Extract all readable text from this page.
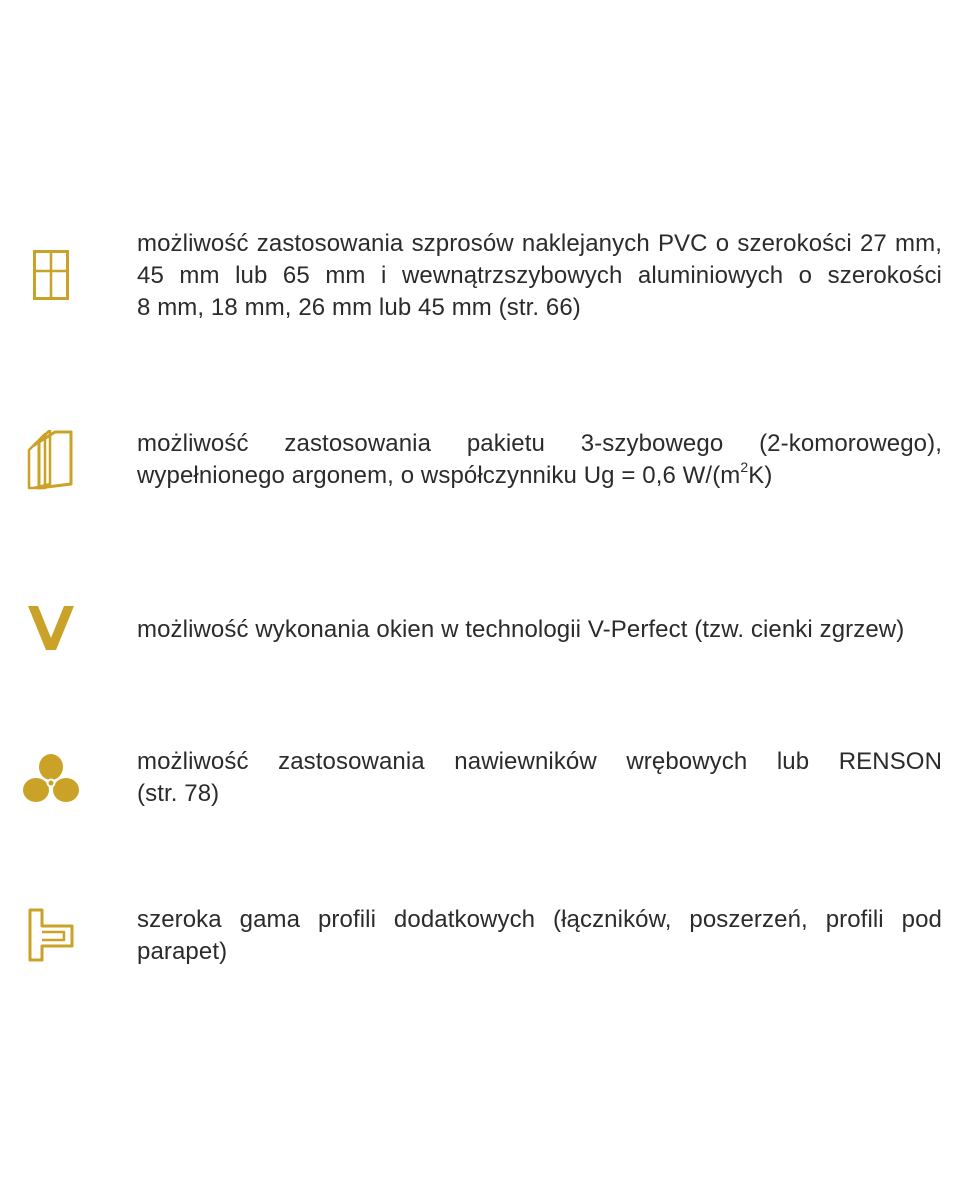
możliwość zastosowania szprosów naklejanych PVC o szerokości 27 mm,
45 mm lub 65 mm i wewnątrzszybowych aluminiowych o szerokości
8 mm, 18 mm, 26 mm lub 45 mm (str. 66)
możliwość zastosowania pakietu 3-szybowego (2-komorowego),
wypełnionego argonem, o współczynniku Ug = 0,6 $W/(m^2K)$
możliwość wykonania okien w technologii V-Perfect (tzw. cienki zgrzew)
możliwość zastosowania nawiewników wrębowych lub RENSON
(str. 78)
szeroka gama profili dodatkowych (łączników, poszerzeń, profili pod
parapet)
